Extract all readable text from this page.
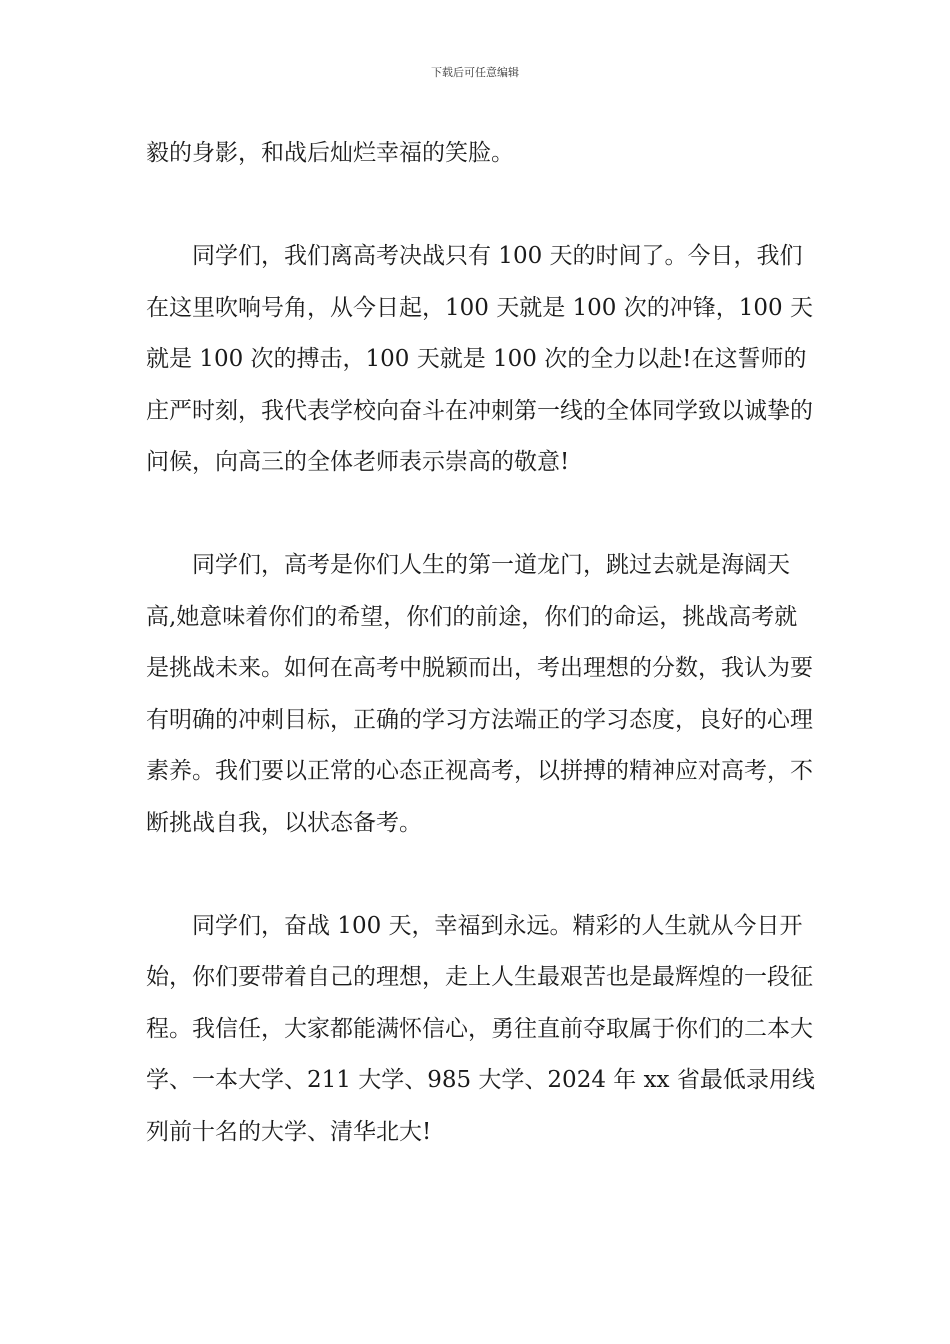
下载后可任意编辑

毅的身影，和战后灿烂幸福的笑脸。

同学们，我们离高考决战只有 100 天的时间了。今日，我们在这里吹响号角，从今日起，100 天就是 100 次的冲锋，100 天就是 100 次的搏击，100 天就是 100 次的全力以赴!在这誓师的庄严时刻，我代表学校向奋斗在冲刺第一线的全体同学致以诚挚的问候，向高三的全体老师表示崇高的敬意!

同学们，高考是你们人生的第一道龙门，跳过去就是海阔天高,她意味着你们的希望，你们的前途，你们的命运，挑战高考就是挑战未来。如何在高考中脱颖而出，考出理想的分数，我认为要有明确的冲刺目标，正确的学习方法端正的学习态度，良好的心理素养。我们要以正常的心态正视高考，以拼搏的精神应对高考，不断挑战自我，以状态备考。

同学们，奋战 100 天，幸福到永远。精彩的人生就从今日开始，你们要带着自己的理想，走上人生最艰苦也是最辉煌的一段征程。我信任，大家都能满怀信心，勇往直前夺取属于你们的二本大学、一本大学、211 大学、985 大学、2024 年 xx 省最低录用线列前十名的大学、清华北大!
